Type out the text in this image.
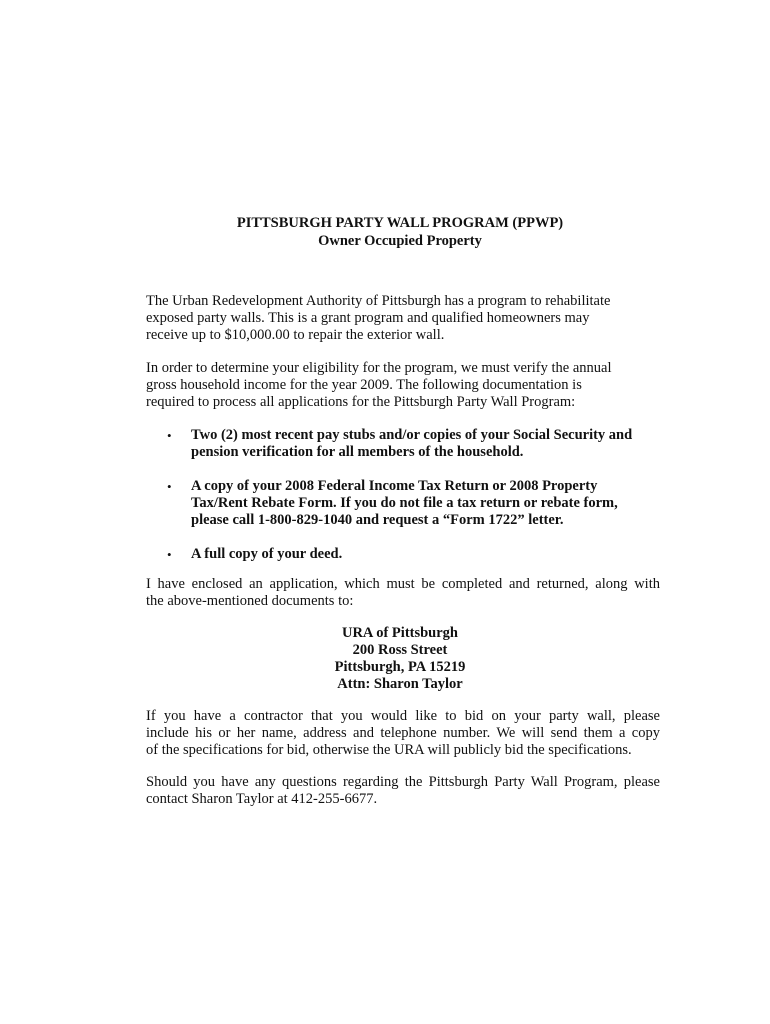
PITTSBURGH PARTY WALL PROGRAM (PPWP)
Owner Occupied Property

The Urban Redevelopment Authority of Pittsburgh has a program to rehabilitate
exposed party walls. This is a grant program and qualified homeowners may
receive up to $10,000.00 to repair the exterior wall.

In order to determine your eligibility for the program, we must verify the annual
gross household income for the year 2009. The following documentation is
required to process all applications for the Pittsburgh Party Wall Program:

• Two (2) most recent pay stubs and/or copies of your Social Security and
pension verification for all members of the household.
• A copy of your 2008 Federal Income Tax Return or 2008 Property
Tax/Rent Rebate Form. If you do not file a tax return or rebate form,
please call 1-800-829-1040 and request a “Form 1722” letter.
• A full copy of your deed.

I have enclosed an application, which must be completed and returned, along with
the above-mentioned documents to:

URA of Pittsburgh
200 Ross Street
Pittsburgh, PA 15219
Attn: Sharon Taylor

If you have a contractor that you would like to bid on your party wall, please
include his or her name, address and telephone number. We will send them a copy
of the specifications for bid, otherwise the URA will publicly bid the specifications.

Should you have any questions regarding the Pittsburgh Party Wall Program, please
contact Sharon Taylor at 412-255-6677.
